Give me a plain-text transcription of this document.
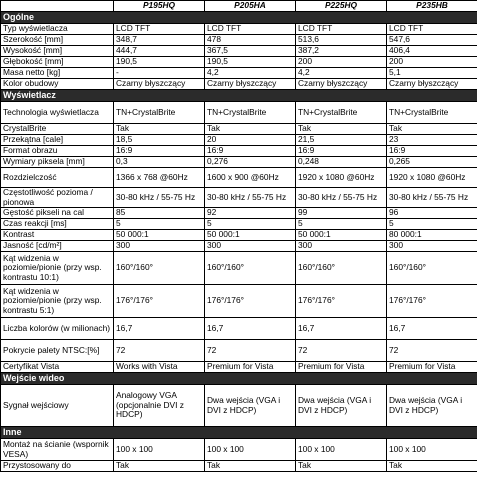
	P195HQ	P205HA	P225HQ	P235HB
Ogólne				
Typ wyświetlacza	LCD TFT	LCD TFT	LCD TFT	LCD TFT
Szerokość [mm]	348,7	478	513,6	547,6
Wysokość [mm]	444,7	367,5	387,2	406,4
Głębokość [mm]	190,5	190,5	200	200
Masa netto [kg]	-	4,2	4,2	5,1
Kolor obudowy	Czarny błyszczący	Czarny błyszczący	Czarny błyszczący	Czarny błyszczący
Wyświetlacz				
Technologia wyświetlacza	TN+CrystalBrite	TN+CrystalBrite	TN+CrystalBrite	TN+CrystalBrite
CrystalBrite	Tak	Tak	Tak	Tak
Przekątna [cale]	18,5	20	21,5	23
Format obrazu	16:9	16:9	16:9	16:9
Wymiary piksela [mm]	0,3	0,276	0,248	0,265
Rozdzielczość	1366 x 768 @60Hz	1600 x 900 @60Hz	1920 x 1080 @60Hz	1920 x 1080 @60Hz
Częstotliwość pozioma / pionowa	30-80 kHz / 55-75 Hz	30-80 kHz / 55-75 Hz	30-80 kHz / 55-75 Hz	30-80 kHz / 55-75 Hz
Gęstość pikseli na cal	85	92	99	96
Czas reakcji [ms]	5	5	5	5
Kontrast	50 000:1	50 000:1	50 000:1	80 000:1
Jasność [cd/m²]	300	300	300	300
Kąt widzenia w poziomie/pionie (przy wsp. kontrastu 10:1)	160°/160°	160°/160°	160°/160°	160°/160°
Kąt widzenia w poziomie/pionie (przy wsp. kontrastu 5:1)	176°/176°	176°/176°	176°/176°	176°/176°
Liczba kolorów (w milionach)	16,7	16,7	16,7	16,7
Pokrycie palety NTSC:[%]	72	72	72	72
Certyfikat Vista	Works with Vista	Premium for Vista	Premium for Vista	Premium for Vista
Wejście wideo				
Sygnał wejściowy	Analogowy VGA (opcjonalnie DVI z HDCP)	Dwa wejścia (VGA i DVI z HDCP)	Dwa wejścia (VGA i DVI z HDCP)	Dwa wejścia (VGA i DVI z HDCP)
Inne				
Montaż na ścianie (wspornik VESA)	100 x 100	100 x 100	100 x 100	100 x 100
Przystosowany do	Tak	Tak	Tak	Tak
